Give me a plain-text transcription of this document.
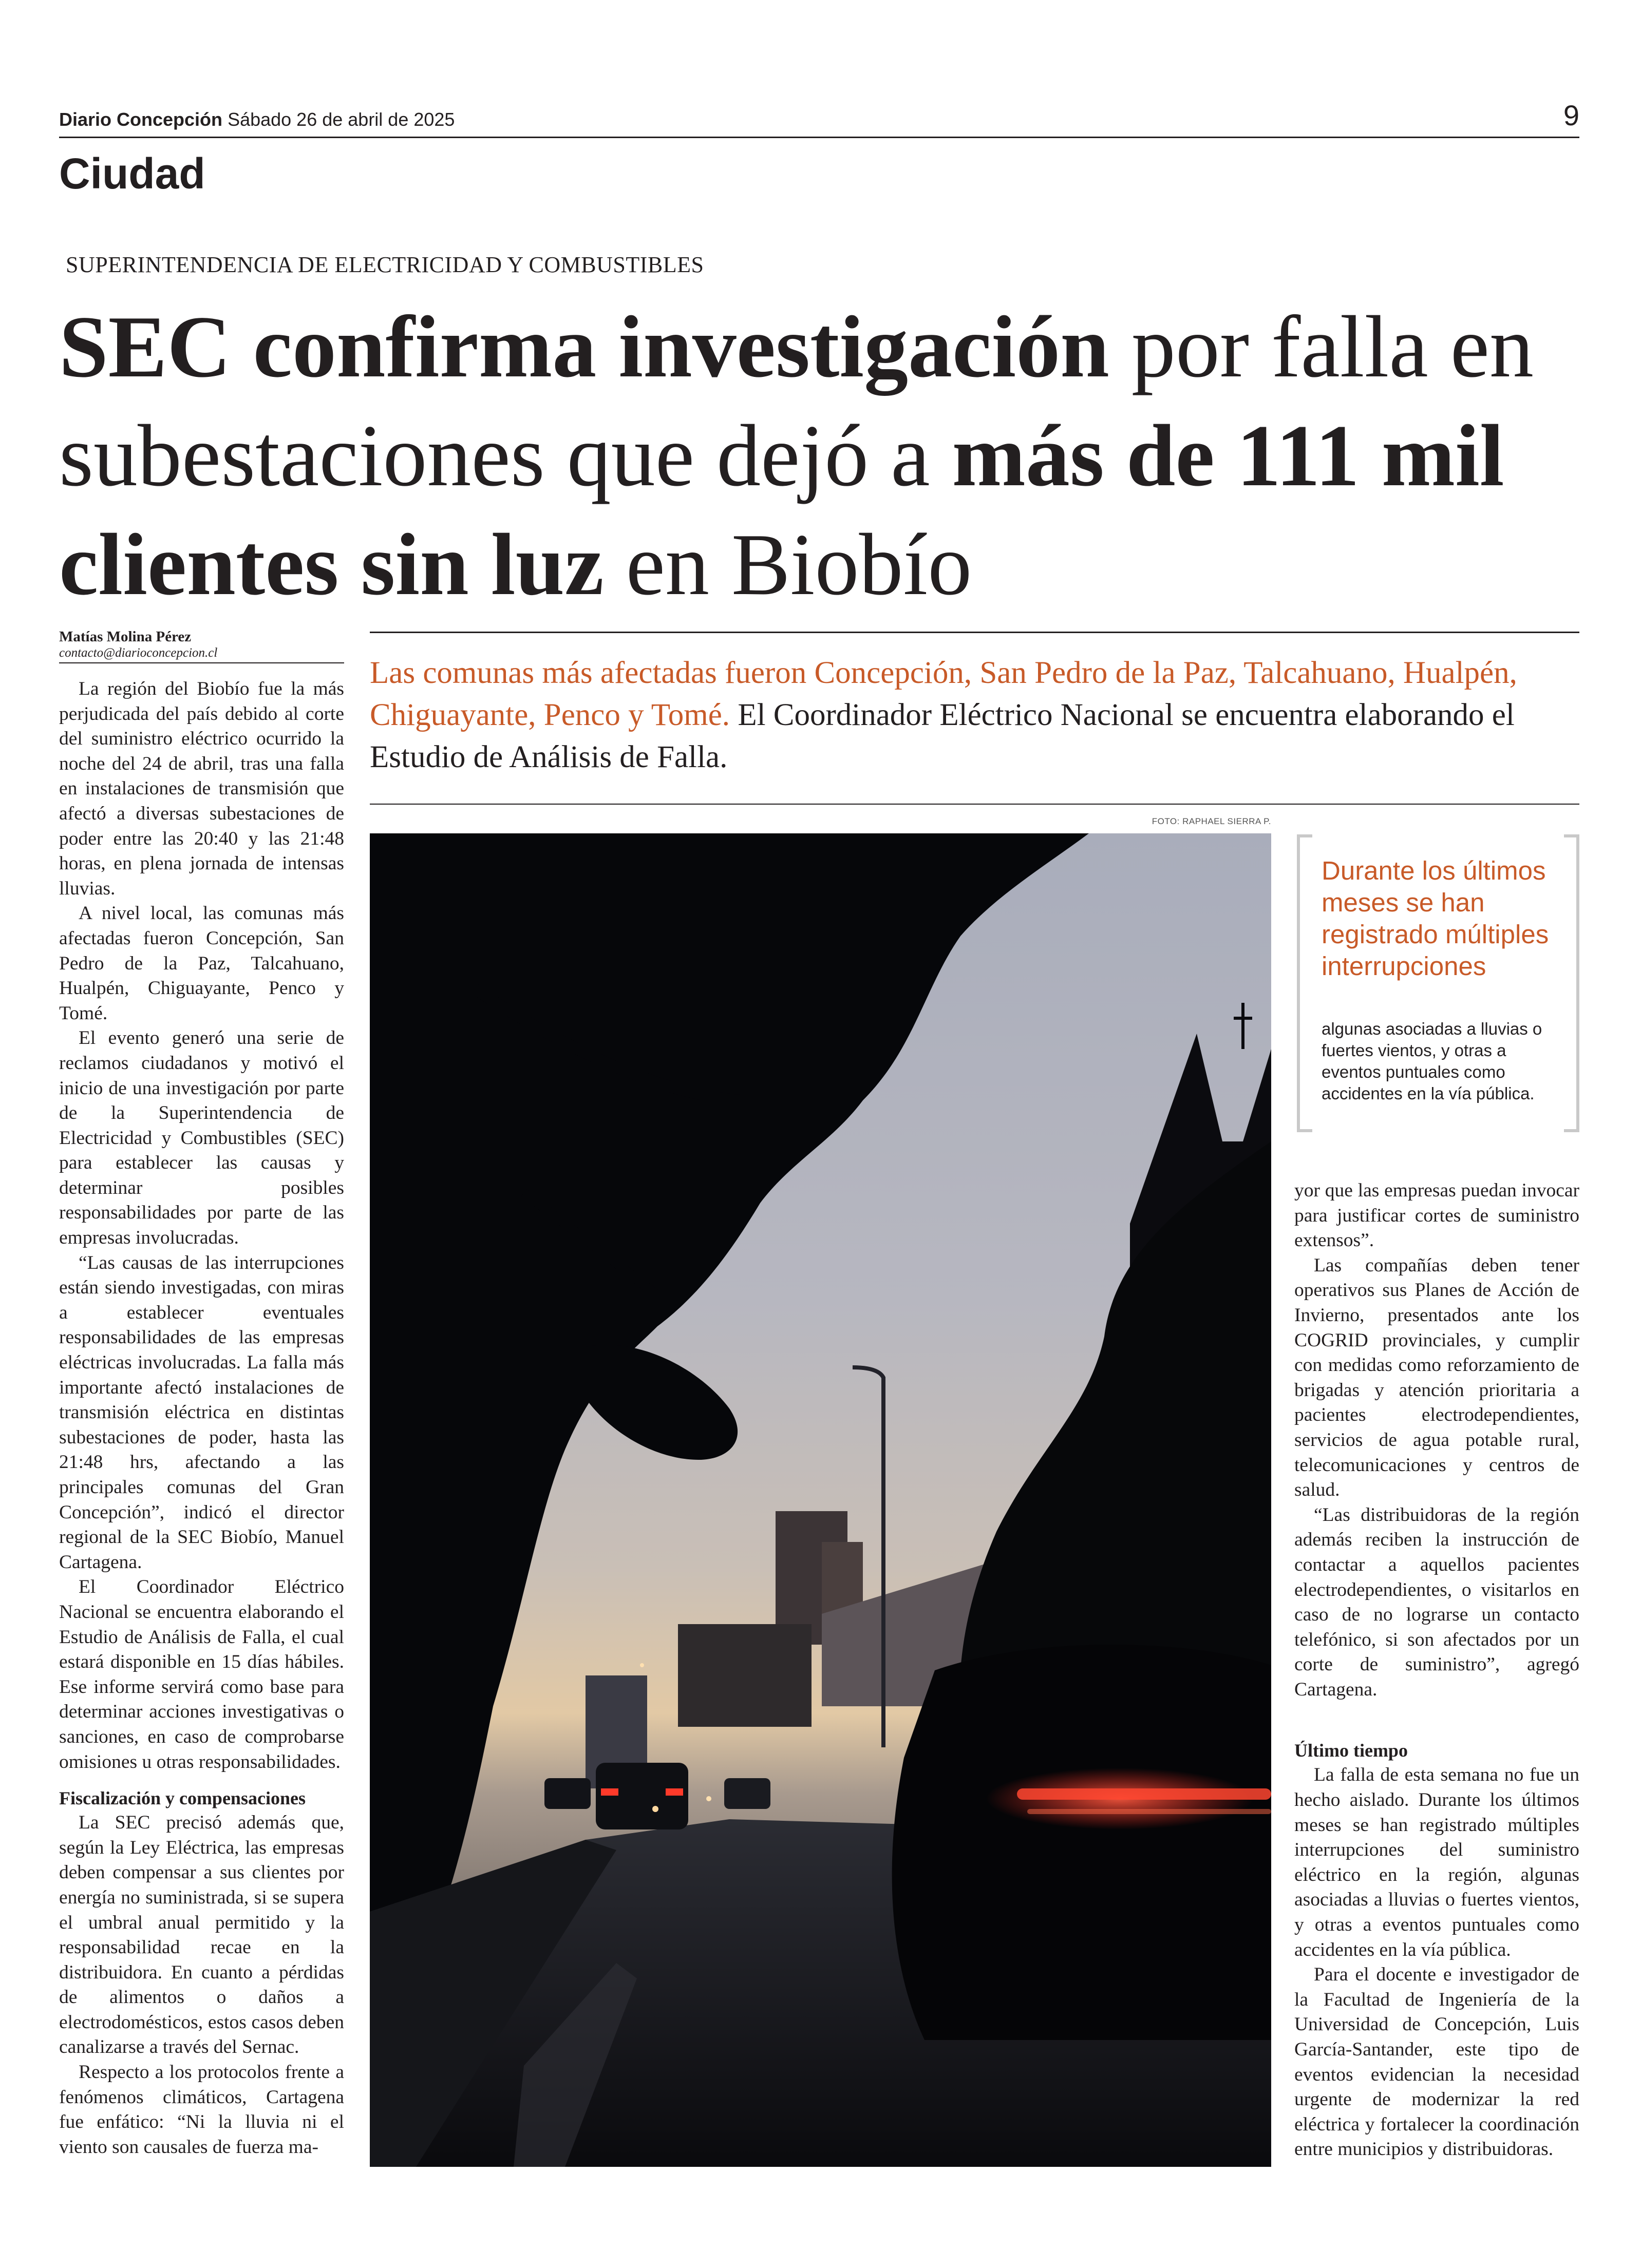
Diario Concepción Sábado 26 de abril de 2025	9
Ciudad
SUPERINTENDENCIA DE ELECTRICIDAD Y COMBUSTIBLES
SEC confirma investigación por falla en subestaciones que dejó a más de 111 mil clientes sin luz en Biobío
Matías Molina Pérez
contacto@diarioconcepcion.cl

La región del Biobío fue la más perjudicada del país debido al corte del suministro eléctrico ocurrido la noche del 24 de abril, tras una falla en instalaciones de transmisión que afectó a diversas subestaciones de poder entre las 20:40 y las 21:48 horas, en plena jornada de intensas lluvias.

A nivel local, las comunas más afectadas fueron Concepción, San Pedro de la Paz, Talcahuano, Hualpén, Chiguayante, Penco y Tomé.

El evento generó una serie de reclamos ciudadanos y motivó el inicio de una investigación por parte de la Superintendencia de Electricidad y Combustibles (SEC) para establecer las causas y determinar posibles responsabilidades por parte de las empresas involucradas.

“Las causas de las interrupciones están siendo investigadas, con miras a establecer eventuales responsabilidades de las empresas eléctricas involucradas. La falla más importante afectó instalaciones de transmisión eléctrica en distintas subestaciones de poder, hasta las 21:48 hrs, afectando a las principales comunas del Gran Concepción”, indicó el director regional de la SEC Biobío, Manuel Cartagena.

El Coordinador Eléctrico Nacional se encuentra elaborando el Estudio de Análisis de Falla, el cual estará disponible en 15 días hábiles. Ese informe servirá como base para determinar acciones investigativas o sanciones, en caso de comprobarse omisiones u otras responsabilidades.

Fiscalización y compensaciones

La SEC precisó además que, según la Ley Eléctrica, las empresas deben compensar a sus clientes por energía no suministrada, si se supera el umbral anual permitido y la responsabilidad recae en la distribuidora. En cuanto a pérdidas de alimentos o daños a electrodomésticos, estos casos deben canalizarse a través del Sernac.

Respecto a los protocolos frente a fenómenos climáticos, Cartagena fue enfático: “Ni la lluvia ni el viento son causales de fuerza ma-

Las comunas más afectadas fueron Concepción, San Pedro de la Paz, Talcahuano, Hualpén, Chiguayante, Penco y Tomé. El Coordinador Eléctrico Nacional se encuentra elaborando el Estudio de Análisis de Falla.
FOTO: RAPHAEL SIERRA P.
Durante los últimos meses se han registrado múltiples interrupciones
algunas asociadas a lluvias o fuertes vientos, y otras a eventos puntuales como accidentes en la vía pública.

yor que las empresas puedan invocar para justificar cortes de suministro extensos”.

Las compañías deben tener operativos sus Planes de Acción de Invierno, presentados ante los COGRID provinciales, y cumplir con medidas como reforzamiento de brigadas y atención prioritaria a pacientes electrodependientes, servicios de agua potable rural, telecomunicaciones y centros de salud.

“Las distribuidoras de la región además reciben la instrucción de contactar a aquellos pacientes electrodependientes, o visitarlos en caso de no lograrse un contacto telefónico, si son afectados por un corte de suministro”, agregó Cartagena.

Último tiempo

La falla de esta semana no fue un hecho aislado. Durante los últimos meses se han registrado múltiples interrupciones del suministro eléctrico en la región, algunas asociadas a lluvias o fuertes vientos, y otras a eventos puntuales como accidentes en la vía pública.

Para el docente e investigador de la Facultad de Ingeniería de la Universidad de Concepción, Luis García-Santander, este tipo de eventos evidencian la necesidad urgente de modernizar la red eléctrica y fortalecer la coordinación entre municipios y distribuidoras.
